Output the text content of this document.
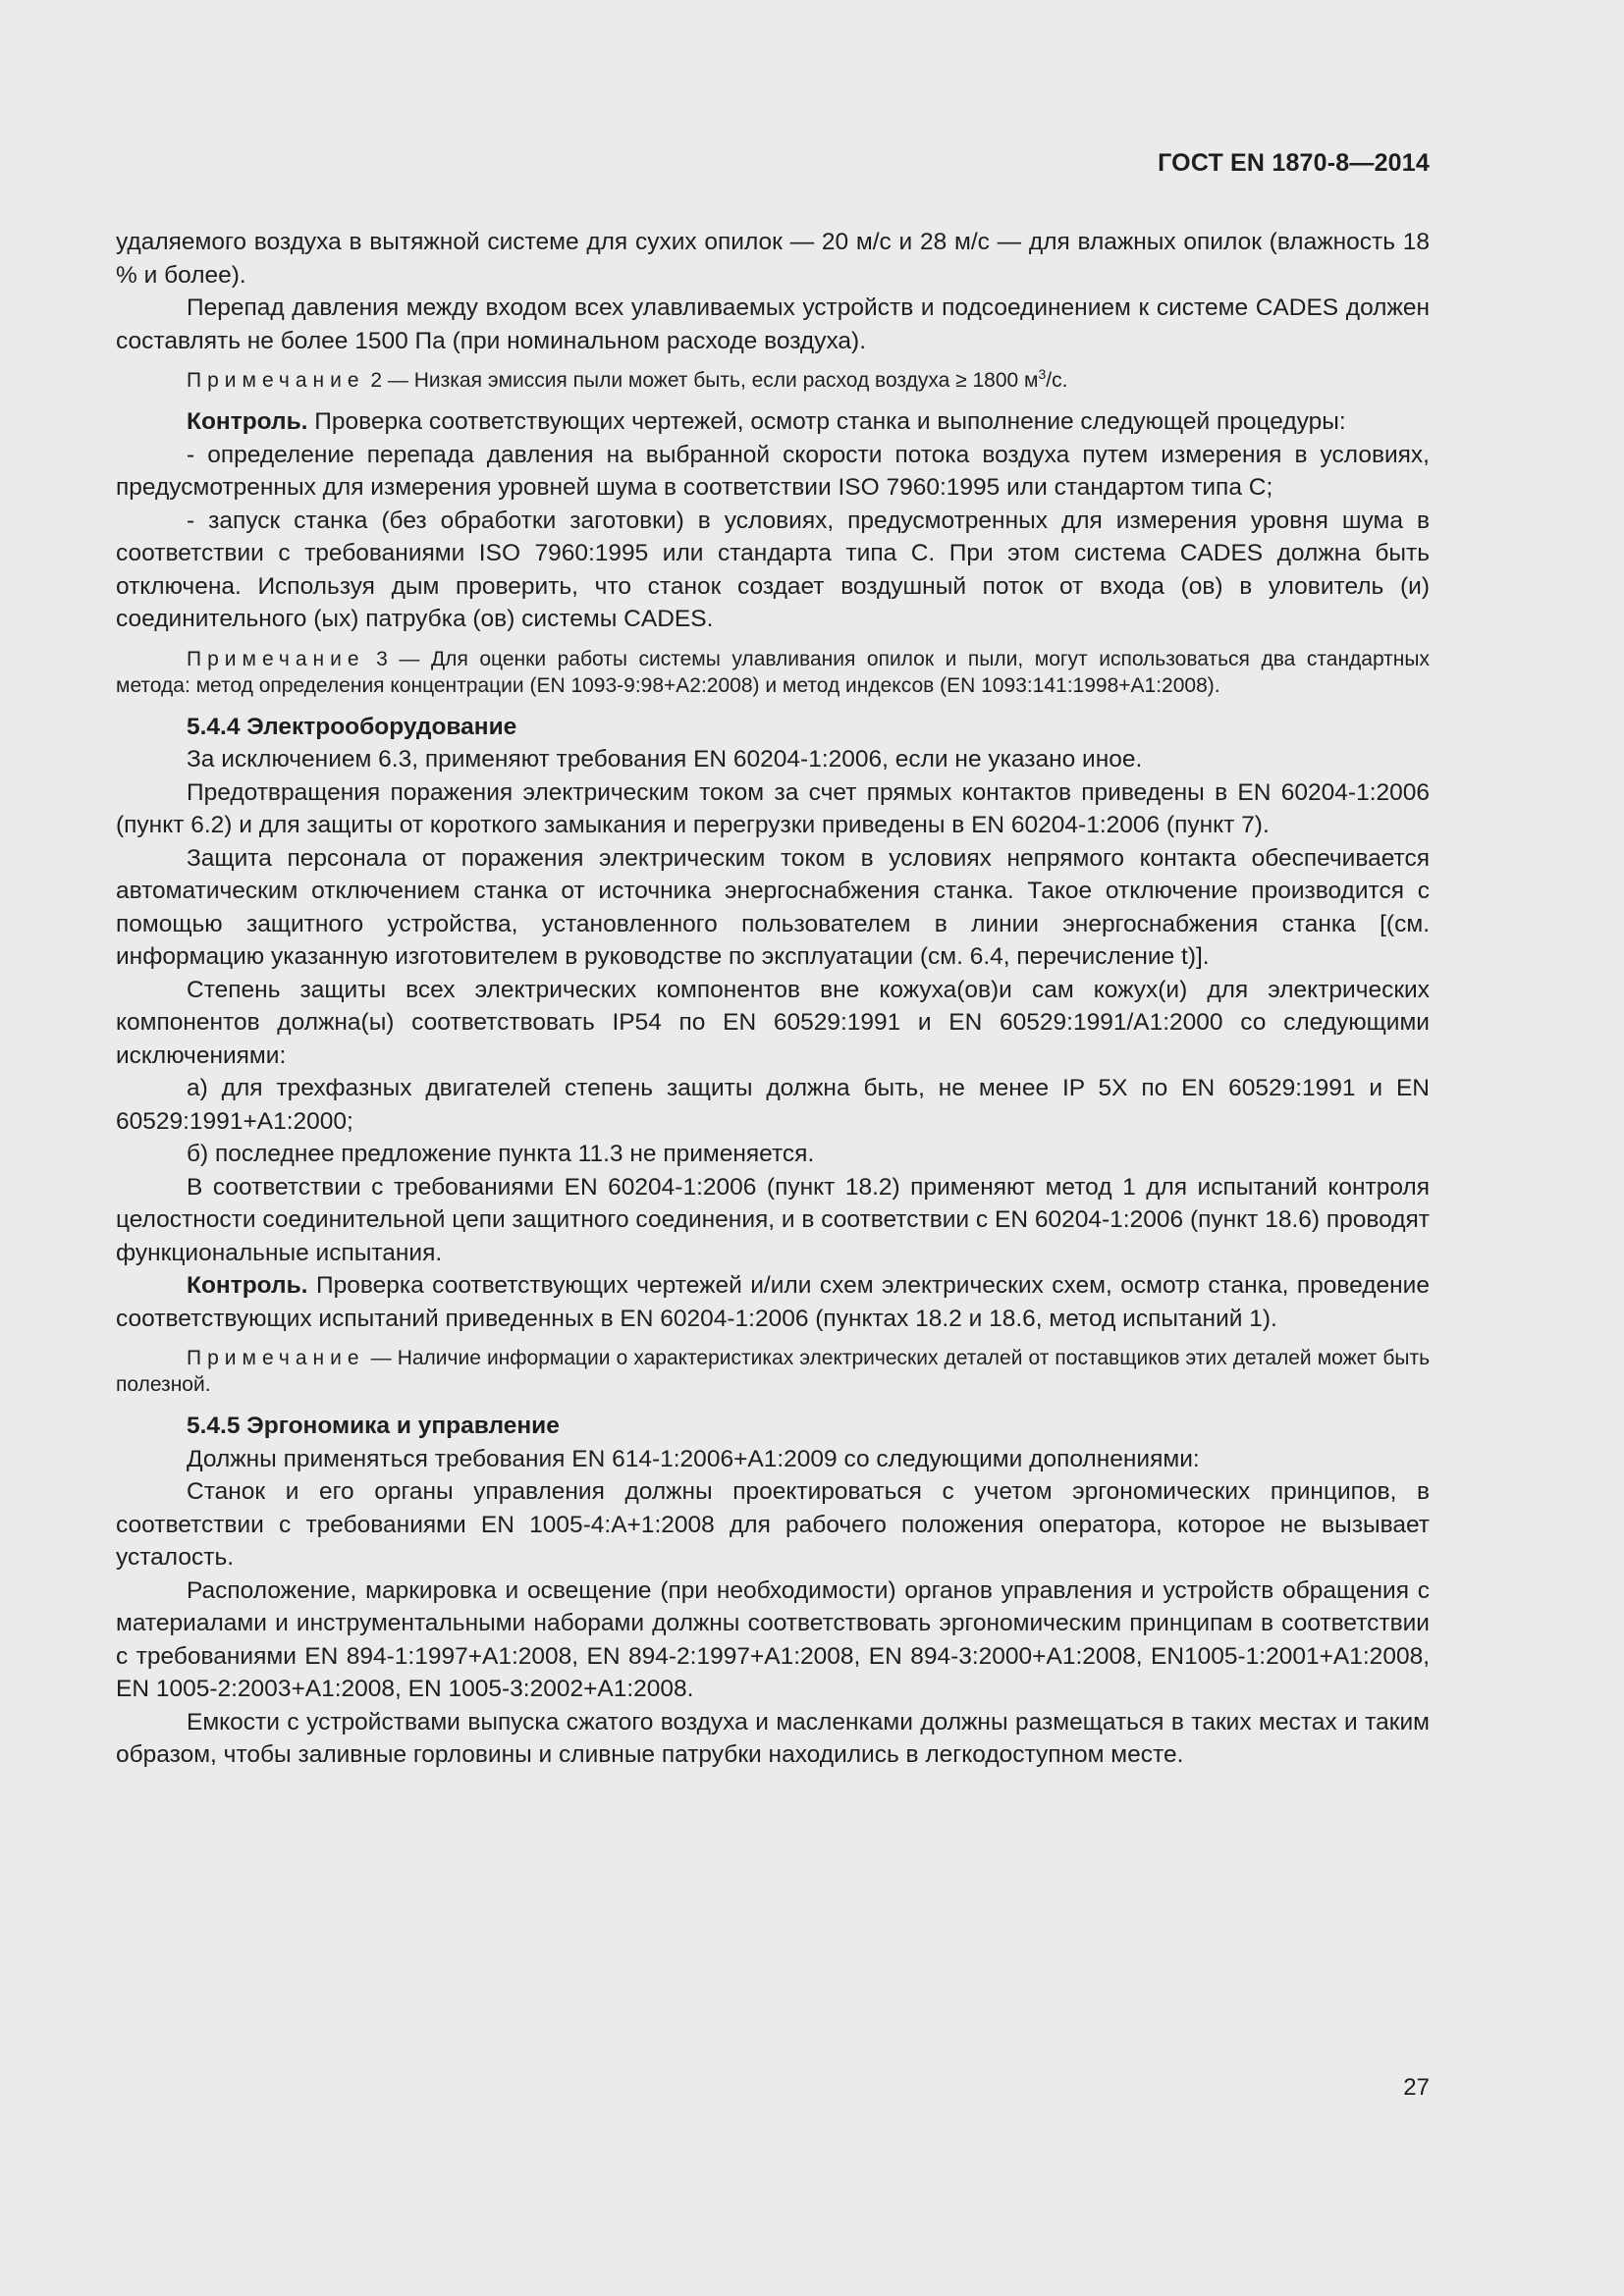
ГОСТ EN 1870-8—2014

удаляемого воздуха в вытяжной системе для сухих опилок — 20 м/с и 28 м/с — для влажных опилок (влажность 18 % и более).

Перепад давления между входом всех улавливаемых устройств и подсоединением к системе CADES должен составлять не более 1500 Па (при номинальном расходе воздуха).

Примечание 2 — Низкая эмиссия пыли может быть, если расход воздуха ≥ 1800 $м^3/с$.

Контроль. Проверка соответствующих чертежей, осмотр станка и выполнение следующей процедуры:

- определение перепада давления на выбранной скорости потока воздуха путем измерения в условиях, предусмотренных для измерения уровней шума в соответствии ISO 7960:1995 или стандартом типа С;

- запуск станка (без обработки заготовки) в условиях, предусмотренных для измерения уровня шума в соответствии с требованиями ISO 7960:1995 или стандарта типа С. При этом система CADES должна быть отключена. Используя дым проверить, что станок создает воздушный поток от входа (ов) в уловитель (и) соединительного (ых) патрубка (ов) системы CADES.

Примечание 3 — Для оценки работы системы улавливания опилок и пыли, могут использоваться два стандартных метода: метод определения концентрации (EN 1093-9:98+A2:2008) и метод индексов (EN 1093:141:1998+A1:2008).

5.4.4 Электрооборудование

За исключением 6.3, применяют требования EN 60204-1:2006, если не указано иное.

Предотвращения поражения электрическим током за счет прямых контактов приведены в EN 60204-1:2006 (пункт 6.2) и для защиты от короткого замыкания и перегрузки приведены в EN 60204-1:2006 (пункт 7).

Защита персонала от поражения электрическим током в условиях непрямого контакта обеспечивается автоматическим отключением станка от источника энергоснабжения станка. Такое отключение производится с помощью защитного устройства, установленного пользователем в линии энергоснабжения станка [(см. информацию указанную изготовителем в руководстве по эксплуатации (см. 6.4, перечисление t)].

Степень защиты всех электрических компонентов вне кожуха(ов)и сам кожух(и) для электрических компонентов должна(ы) соответствовать IP54 по EN 60529:1991 и EN 60529:1991/A1:2000 со следующими исключениями:

а) для трехфазных двигателей степень защиты должна быть, не менее IP 5X по EN 60529:1991 и EN 60529:1991+A1:2000;

б) последнее предложение пункта 11.3 не применяется.

В соответствии с требованиями EN 60204-1:2006 (пункт 18.2) применяют метод 1 для испытаний контроля целостности соединительной цепи защитного соединения, и в соответствии с EN 60204-1:2006 (пункт 18.6) проводят функциональные испытания.

Контроль. Проверка соответствующих чертежей и/или схем электрических схем, осмотр станка, проведение соответствующих испытаний приведенных в EN 60204-1:2006 (пунктах 18.2 и 18.6, метод испытаний 1).

Примечание — Наличие информации о характеристиках электрических деталей от поставщиков этих деталей может быть полезной.

5.4.5 Эргономика и управление

Должны применяться требования EN 614-1:2006+A1:2009 со следующими дополнениями:

Станок и его органы управления должны проектироваться с учетом эргономических принципов, в соответствии с требованиями EN 1005-4:A+1:2008 для рабочего положения оператора, которое не вызывает усталость.

Расположение, маркировка и освещение (при необходимости) органов управления и устройств обращения с материалами и инструментальными наборами должны соответствовать эргономическим принципам в соответствии с требованиями EN 894-1:1997+A1:2008, EN 894-2:1997+A1:2008, EN 894-3:2000+A1:2008, EN1005-1:2001+A1:2008, EN 1005-2:2003+A1:2008, EN 1005-3:2002+A1:2008.

Емкости с устройствами выпуска сжатого воздуха и масленками должны размещаться в таких местах и таким образом, чтобы заливные горловины и сливные патрубки находились в легкодоступном месте.

27
